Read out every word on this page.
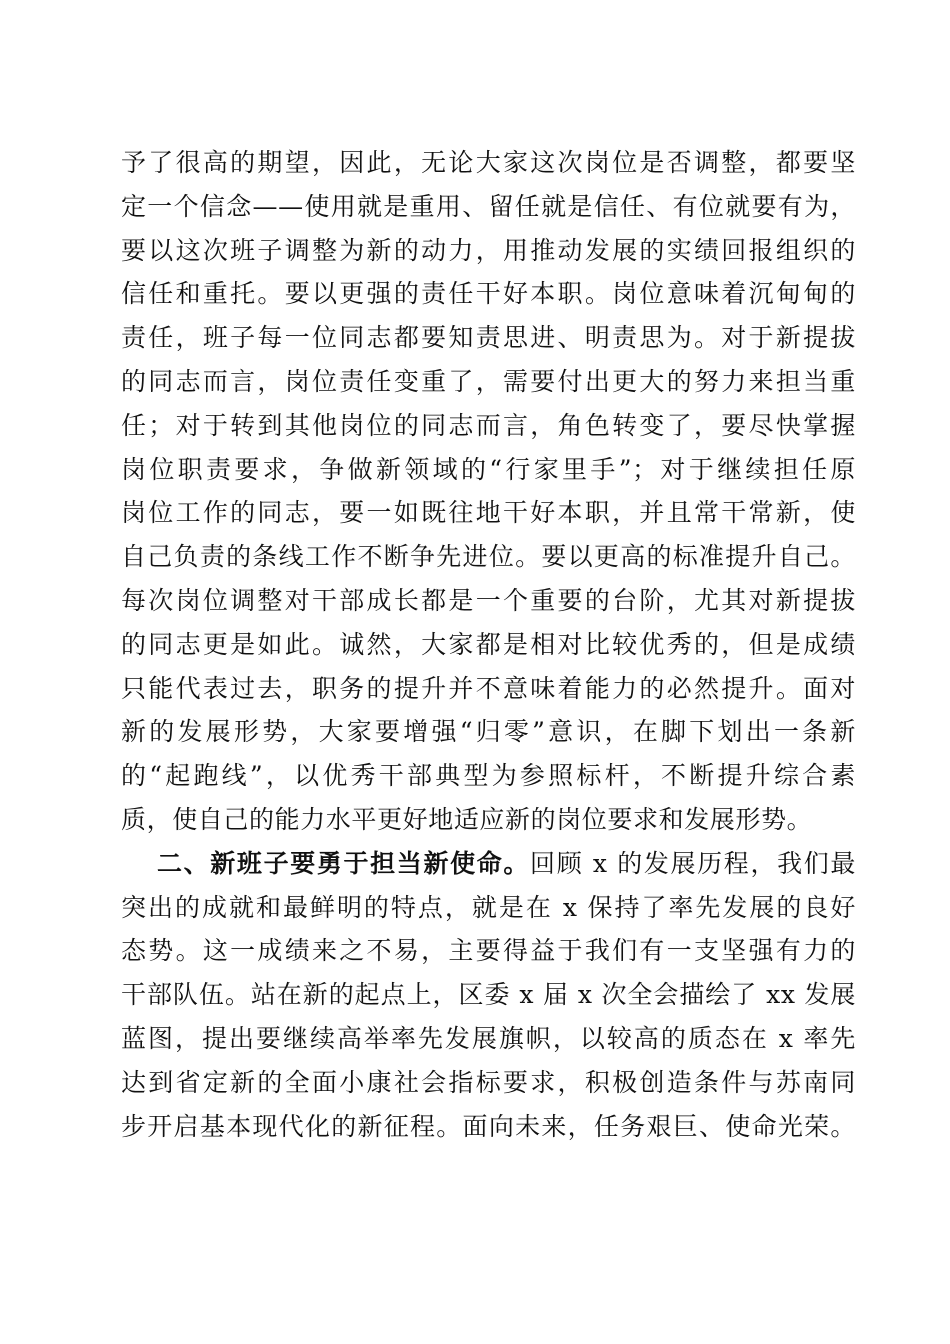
予了很高的期望，因此，无论大家这次岗位是否调整，都要坚
定一个信念——使用就是重用、留任就是信任、有位就要有为，
要以这次班子调整为新的动力，用推动发展的实绩回报组织的
信任和重托。要以更强的责任干好本职。岗位意味着沉甸甸的
责任，班子每一位同志都要知责思进、明责思为。对于新提拔
的同志而言，岗位责任变重了，需要付出更大的努力来担当重
任；对于转到其他岗位的同志而言，角色转变了，要尽快掌握
岗位职责要求，争做新领域的“行家里手”；对于继续担任原
岗位工作的同志，要一如既往地干好本职，并且常干常新，使
自己负责的条线工作不断争先进位。要以更高的标准提升自己。
每次岗位调整对干部成长都是一个重要的台阶，尤其对新提拔
的同志更是如此。诚然，大家都是相对比较优秀的，但是成绩
只能代表过去，职务的提升并不意味着能力的必然提升。面对
新的发展形势，大家要增强“归零”意识，在脚下划出一条新
的“起跑线”，以优秀干部典型为参照标杆，不断提升综合素
质，使自己的能力水平更好地适应新的岗位要求和发展形势。
二、新班子要勇于担当新使命。回顾 x 的发展历程，我们最
突出的成就和最鲜明的特点，就是在 x 保持了率先发展的良好
态势。这一成绩来之不易，主要得益于我们有一支坚强有力的
干部队伍。站在新的起点上，区委 x 届 x 次全会描绘了 xx 发展
蓝图，提出要继续高举率先发展旗帜，以较高的质态在 x 率先
达到省定新的全面小康社会指标要求，积极创造条件与苏南同
步开启基本现代化的新征程。面向未来，任务艰巨、使命光荣。
